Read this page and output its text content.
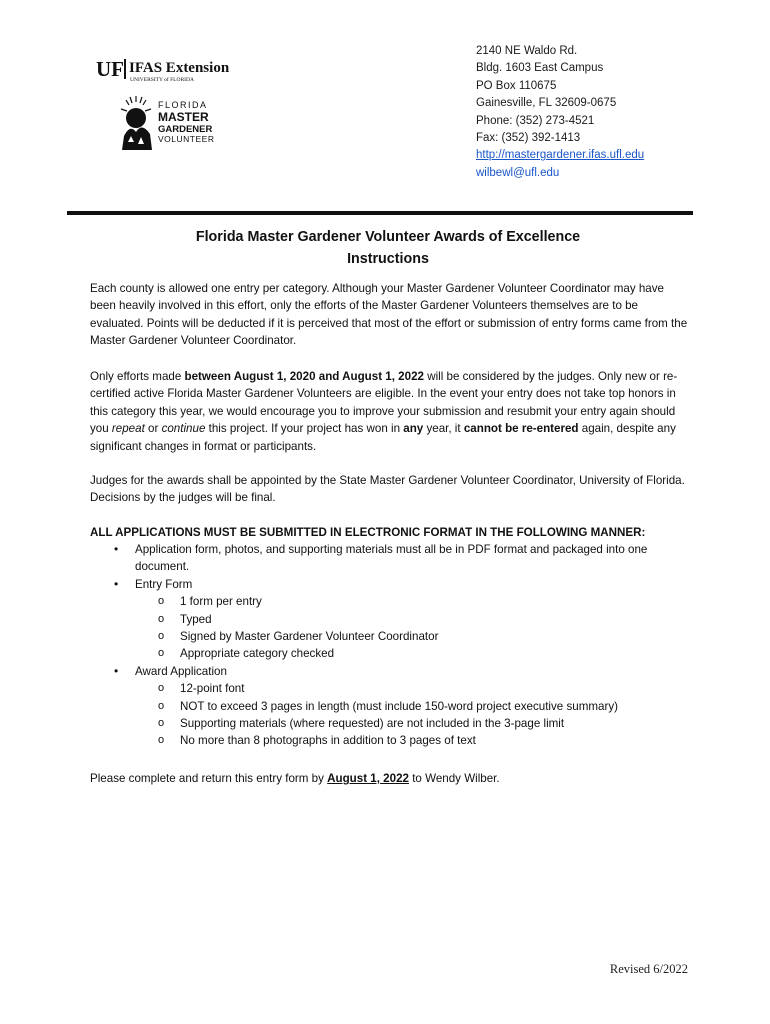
UF IFAS Extension
UNIVERSITY of FLORIDA
FLORIDA
MASTER
GARDENER
VOLUNTEER
2140 NE Waldo Rd.
Bldg. 1603 East Campus
PO Box 110675
Gainesville, FL 32609-0675
Phone: (352) 273-4521
Fax: (352) 392-1413
http://mastergardener.ifas.ufl.edu
wilbewl@ufl.edu
Florida Master Gardener Volunteer Awards of Excellence
Instructions
Each county is allowed one entry per category. Although your Master Gardener Volunteer Coordinator may have been heavily involved in this effort, only the efforts of the Master Gardener Volunteers themselves are to be evaluated. Points will be deducted if it is perceived that most of the effort or submission of entry forms came from the Master Gardener Volunteer Coordinator.
Only efforts made between August 1, 2020 and August 1, 2022 will be considered by the judges. Only new or re-certified active Florida Master Gardener Volunteers are eligible. In the event your entry does not take top honors in this category this year, we would encourage you to improve your submission and resubmit your entry again should you repeat or continue this project. If your project has won in any year, it cannot be re-entered again, despite any significant changes in format or participants.
Judges for the awards shall be appointed by the State Master Gardener Volunteer Coordinator, University of Florida. Decisions by the judges will be final.
ALL APPLICATIONS MUST BE SUBMITTED IN ELECTRONIC FORMAT IN THE FOLLOWING MANNER:
• Application form, photos, and supporting materials must all be in PDF format and packaged into one document.
• Entry Form
o 1 form per entry
o Typed
o Signed by Master Gardener Volunteer Coordinator
o Appropriate category checked
• Award Application
o 12-point font
o NOT to exceed 3 pages in length (must include 150-word project executive summary)
o Supporting materials (where requested) are not included in the 3-page limit
o No more than 8 photographs in addition to 3 pages of text
Please complete and return this entry form by August 1, 2022 to Wendy Wilber.
Revised 6/2022
